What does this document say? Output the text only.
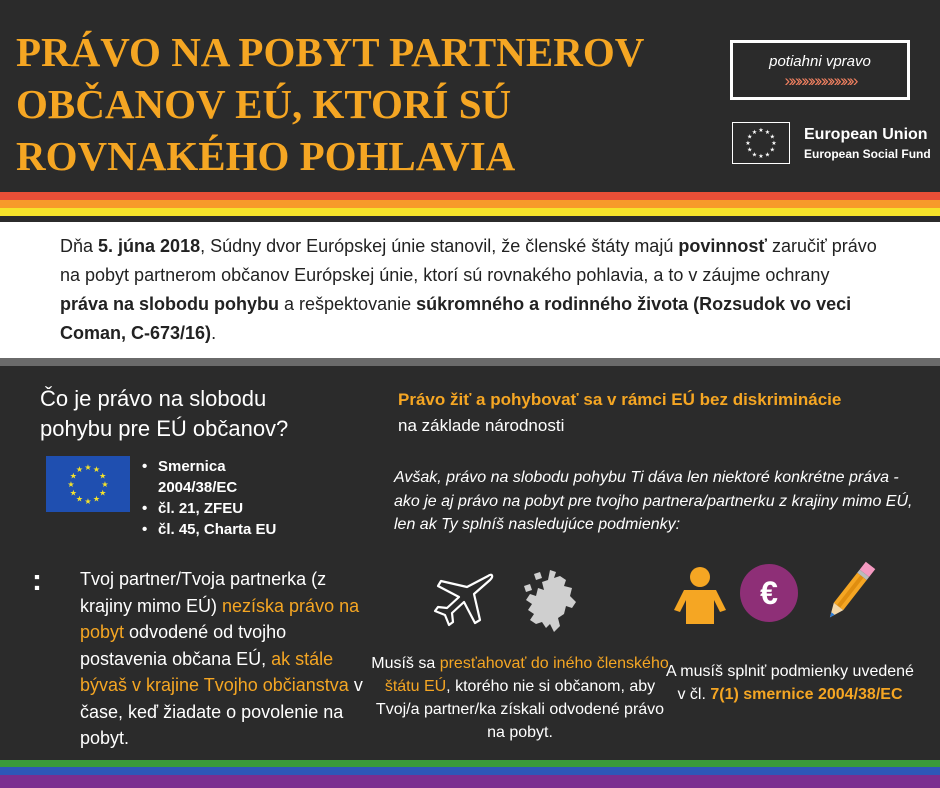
PRÁVO NA POBYT PARTNEROV OBČANOV EÚ, KTORÍ SÚ ROVNAKÉHO POHLAVIA
potiahni vpravo
»»»»»»»»»»»
★ ★
★
★
★
★
★
★
★
★
★
★	European Union
European Social Fund

Dňa 5. júna 2018, Súdny dvor Európskej únie stanovil, že členské štáty majú povinnosť zaručiť právo na pobyt partnerom občanov Európskej únie, ktorí sú rovnakého pohlavia, a to v záujme ochrany práva na slobodu pohybu a rešpektovanie súkromného a rodinného života (Rozsudok vo veci Coman, C-673/16).

Čo je právo na slobodu pohybu pre EÚ občanov?
★ ★
★
★
★
★
★
★
★
★
★
★
•	Smernica 2004/38/EC
• čl. 21, ZFEU
• čl. 45, Charta EU
: Tvoj partner/Tvoja partnerka (z krajiny mimo EÚ) nezíska právo na pobyt odvodené od tvojho postavenia občana EÚ, ak stále bývaš v krajine Tvojho občianstva v čase, keď žiadate o povolenie na pobyt.

Právo žiť a pohybovať sa v rámci EÚ bez diskriminácie

na základe národnosti

Avšak, právo na slobodu pohybu Ti dáva len niektoré konkrétne práva - ako je aj právo na pobyt pre tvojho partnera/partnerku z krajiny mimo EÚ, len ak Ty splníš nasledujúce podmienky:

€

Musíš sa presťahovať do iného členského štátu EÚ, ktorého nie si občanom, aby Tvoj/a partner/ka získali odvodené právo na pobyt.

A musíš splniť podmienky uvedené v čl. 7(1) smernice 2004/38/EC
